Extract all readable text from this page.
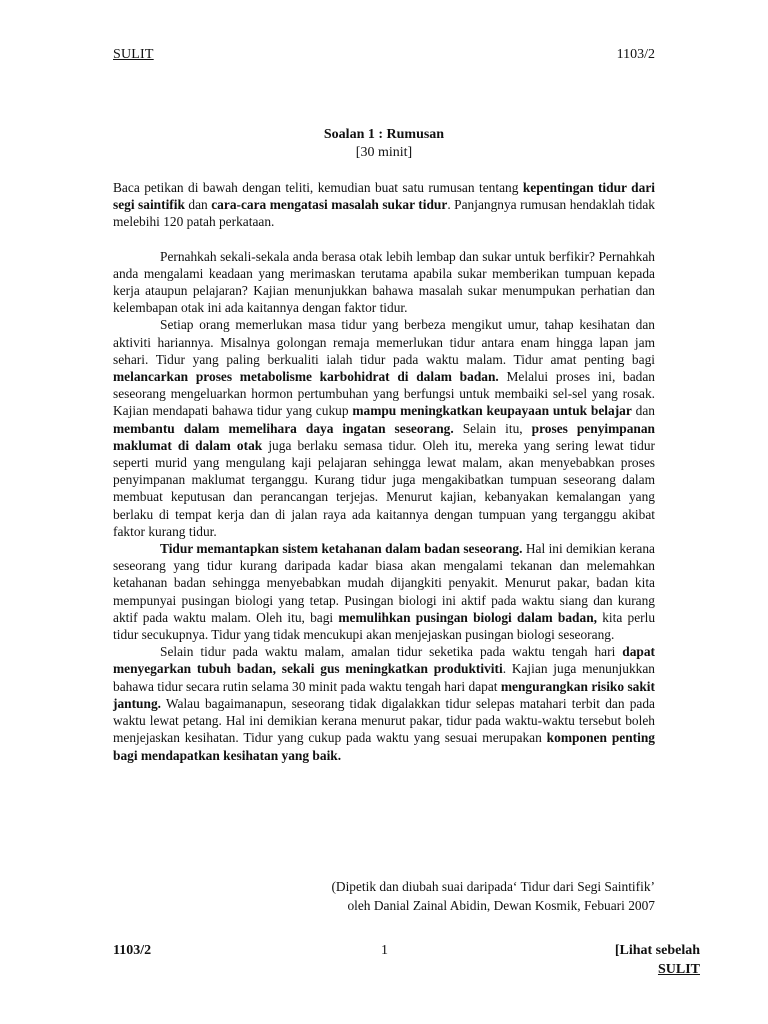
SULIT	1103/2
Soalan 1 : Rumusan
[30 minit]

Baca petikan di bawah dengan teliti, kemudian buat satu rumusan tentang kepentingan tidur dari segi saintifik dan cara-cara mengatasi masalah sukar tidur. Panjangnya rumusan hendaklah tidak melebihi 120 patah perkataan.

Pernahkah sekali-sekala anda berasa otak lebih lembap dan sukar untuk berfikir? Pernahkah anda mengalami keadaan yang merimaskan terutama apabila sukar memberikan tumpuan kepada kerja ataupun pelajaran? Kajian menunjukkan bahawa masalah sukar menumpukan perhatian dan kelembapan otak ini ada kaitannya dengan faktor tidur.

Setiap orang memerlukan masa tidur yang berbeza mengikut umur, tahap kesihatan dan aktiviti hariannya. Misalnya golongan remaja memerlukan tidur antara enam hingga lapan jam sehari. Tidur yang paling berkualiti ialah tidur pada waktu malam. Tidur amat penting bagi melancarkan proses metabolisme karbohidrat di dalam badan. Melalui proses ini, badan seseorang mengeluarkan hormon pertumbuhan yang berfungsi untuk membaiki sel-sel yang rosak. Kajian mendapati bahawa tidur yang cukup mampu meningkatkan keupayaan untuk belajar dan membantu dalam memelihara daya ingatan seseorang. Selain itu, proses penyimpanan maklumat di dalam otak juga berlaku semasa tidur. Oleh itu, mereka yang sering lewat tidur seperti murid yang mengulang kaji pelajaran sehingga lewat malam, akan menyebabkan proses penyimpanan maklumat terganggu. Kurang tidur juga mengakibatkan tumpuan seseorang dalam membuat keputusan dan perancangan terjejas. Menurut kajian, kebanyakan kemalangan yang berlaku di tempat kerja dan di jalan raya ada kaitannya dengan tumpuan yang terganggu akibat faktor kurang tidur.

Tidur memantapkan sistem ketahanan dalam badan seseorang. Hal ini demikian kerana seseorang yang tidur kurang daripada kadar biasa akan mengalami tekanan dan melemahkan ketahanan badan sehingga menyebabkan mudah dijangkiti penyakit. Menurut pakar, badan kita mempunyai pusingan biologi yang tetap. Pusingan biologi ini aktif pada waktu siang dan kurang aktif pada waktu malam. Oleh itu, bagi memulihkan pusingan biologi dalam badan, kita perlu tidur secukupnya. Tidur yang tidak mencukupi akan menjejaskan pusingan biologi seseorang.

Selain tidur pada waktu malam, amalan tidur seketika pada waktu tengah hari dapat menyegarkan tubuh badan, sekali gus meningkatkan produktiviti. Kajian juga menunjukkan bahawa tidur secara rutin selama 30 minit pada waktu tengah hari dapat mengurangkan risiko sakit jantung. Walau bagaimanapun, seseorang tidak digalakkan tidur selepas matahari terbit dan pada waktu lewat petang. Hal ini demikian kerana menurut pakar, tidur pada waktu-waktu tersebut boleh menjejaskan kesihatan. Tidur yang cukup pada waktu yang sesuai merupakan komponen penting bagi mendapatkan kesihatan yang baik.

(Dipetik dan diubah suai daripada‘ Tidur dari Segi Saintifik’
oleh Danial Zainal Abidin, Dewan Kosmik, Febuari 2007
1103/2	1	[Lihat sebelah
SULIT
